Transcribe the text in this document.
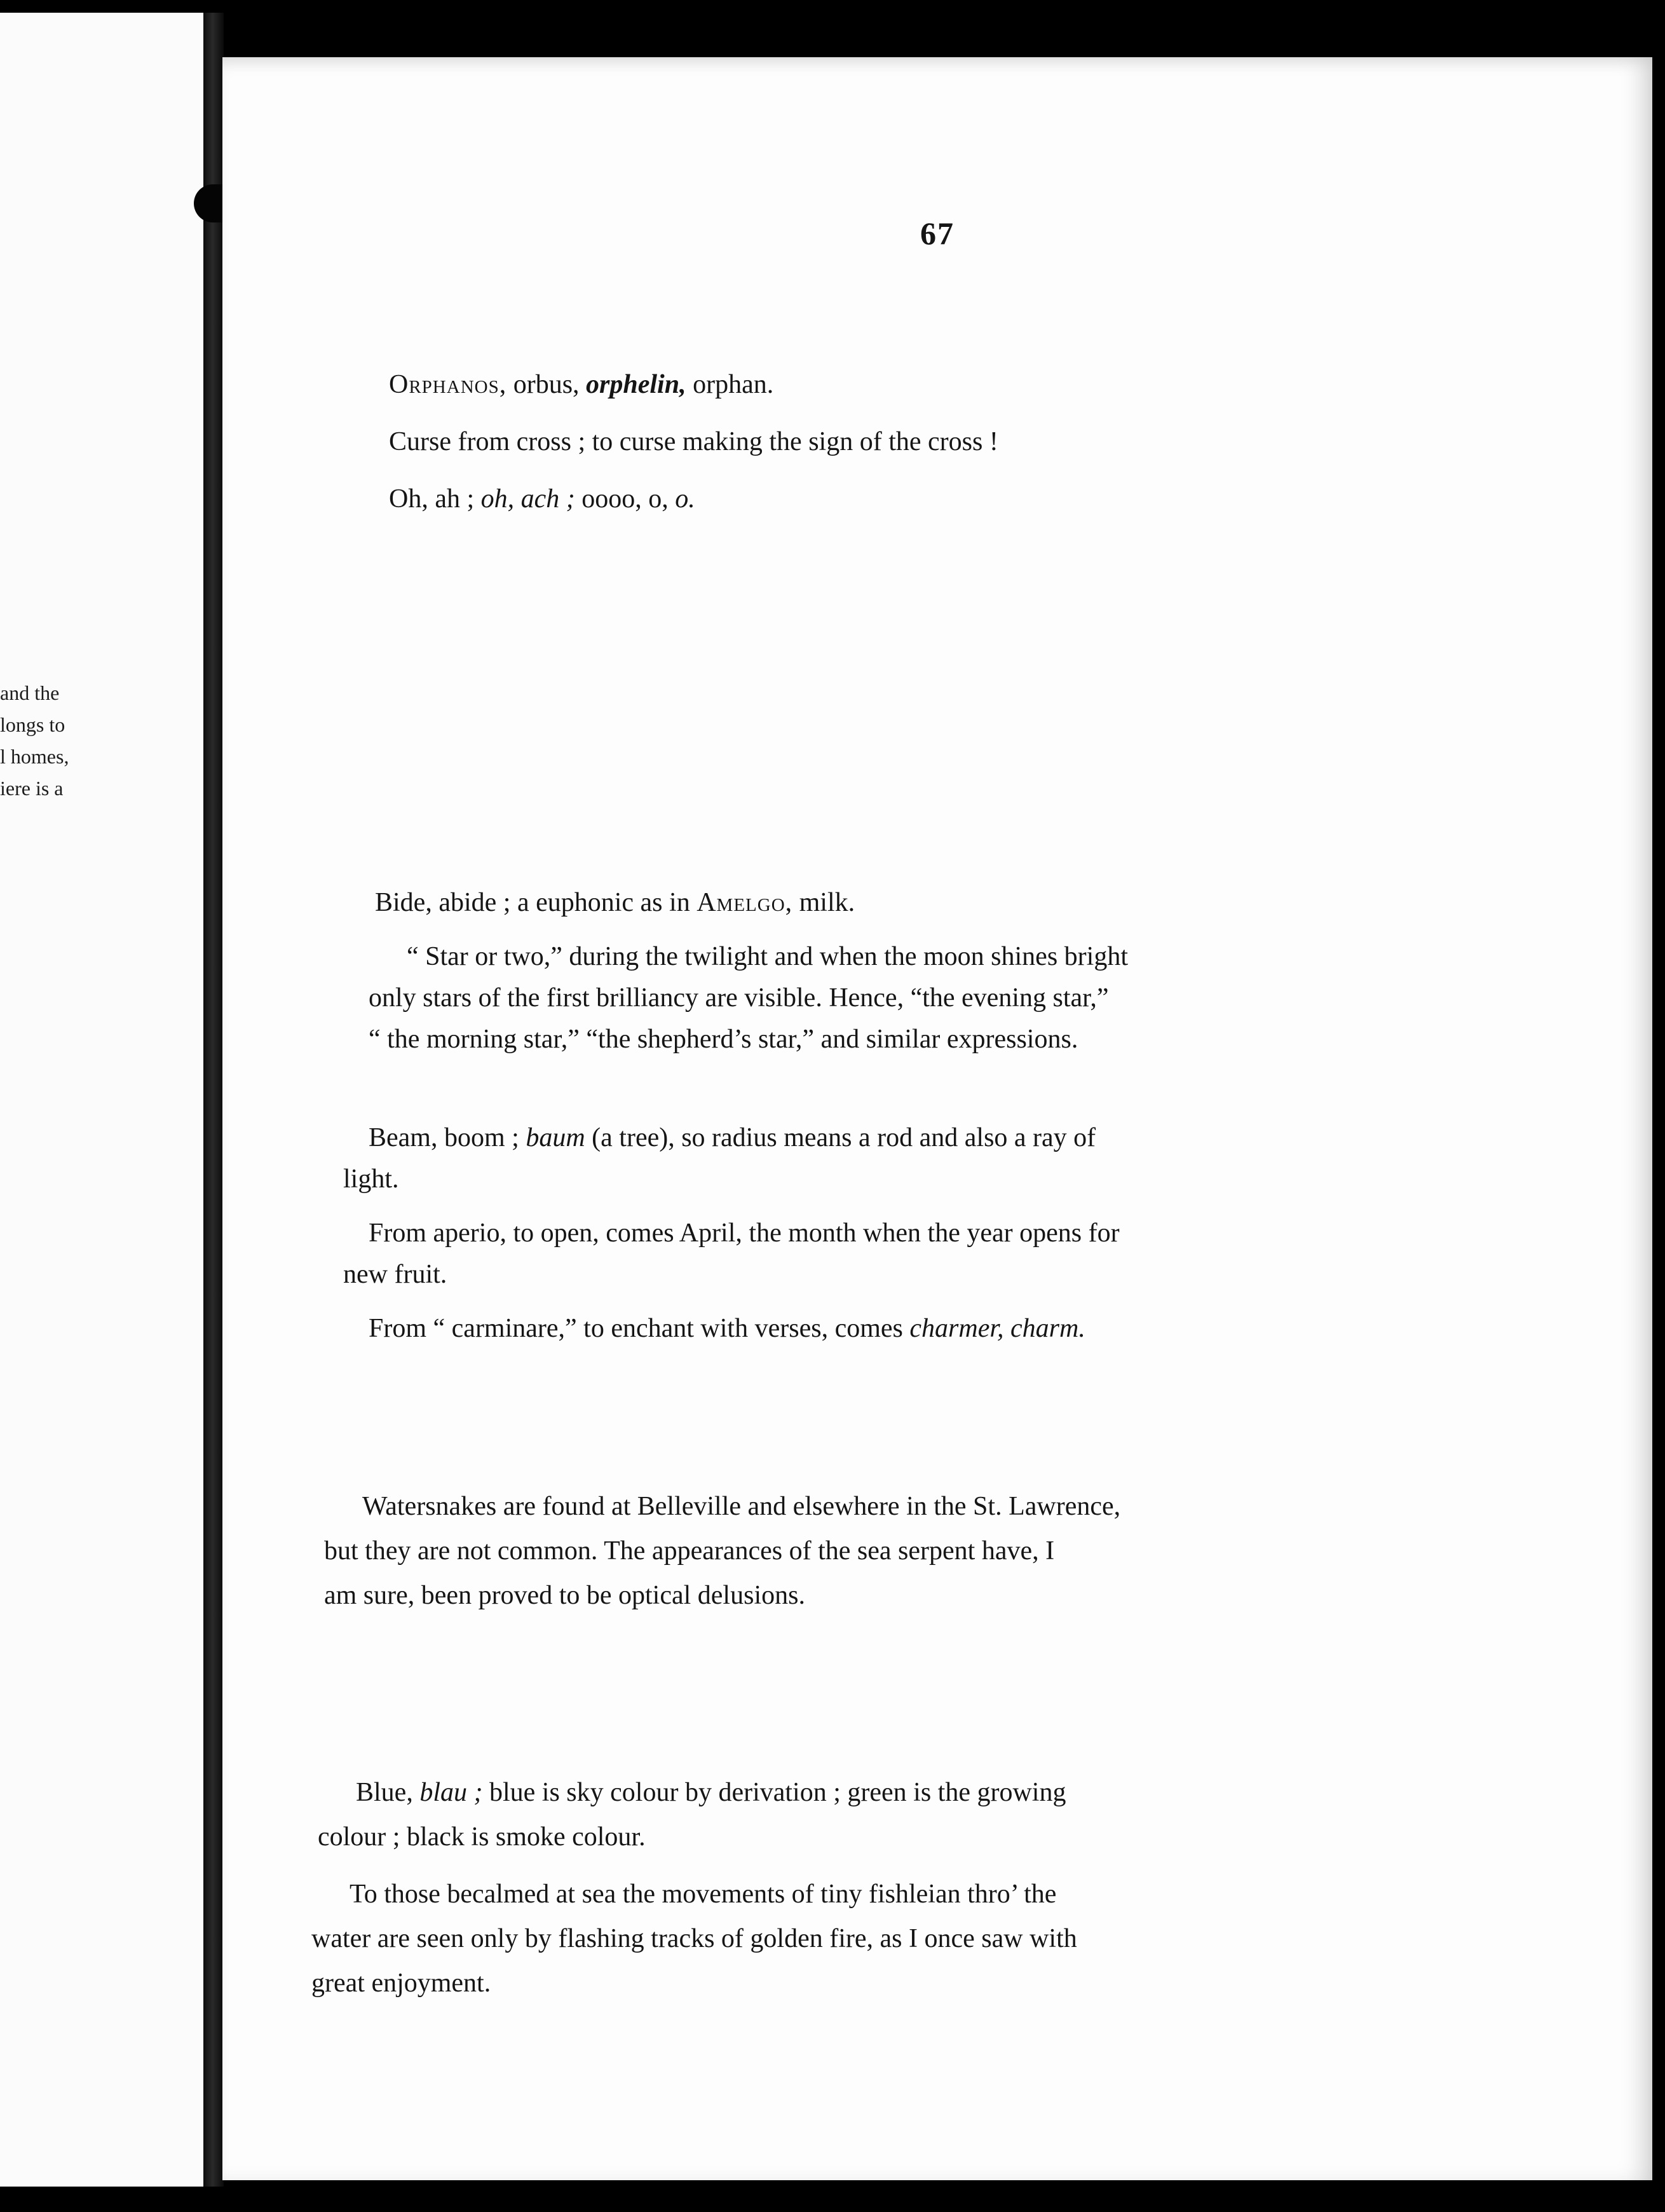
and the

longs to

l homes,

iere is a

67

Orphanos, orbus, orphelin, orphan.

Curse from cross ; to curse making the sign of the cross !

Oh, ah ; oh, ach ; oooo, o, o.

Bide, abide ; a euphonic as in Amelgo, milk.

“ Star or two,” during the twilight and when the moon shines bright

only stars of the first brilliancy are visible. Hence, “the evening star,”

“ the morning star,” “the shepherd’s star,” and similar expressions.

Beam, boom ; baum (a tree), so radius means a rod and also a ray of

light.

From aperio, to open, comes April, the month when the year opens for

new fruit.

From “ carminare,” to enchant with verses, comes charmer, charm.

Watersnakes are found at Belleville and elsewhere in the St. Lawrence,

but they are not common. The appearances of the sea serpent have, I

am sure, been proved to be optical delusions.

Blue, blau ; blue is sky colour by derivation ; green is the growing

colour ; black is smoke colour.

To those becalmed at sea the movements of tiny fishleian thro’ the

water are seen only by flashing tracks of golden fire, as I once saw with

great enjoyment.
